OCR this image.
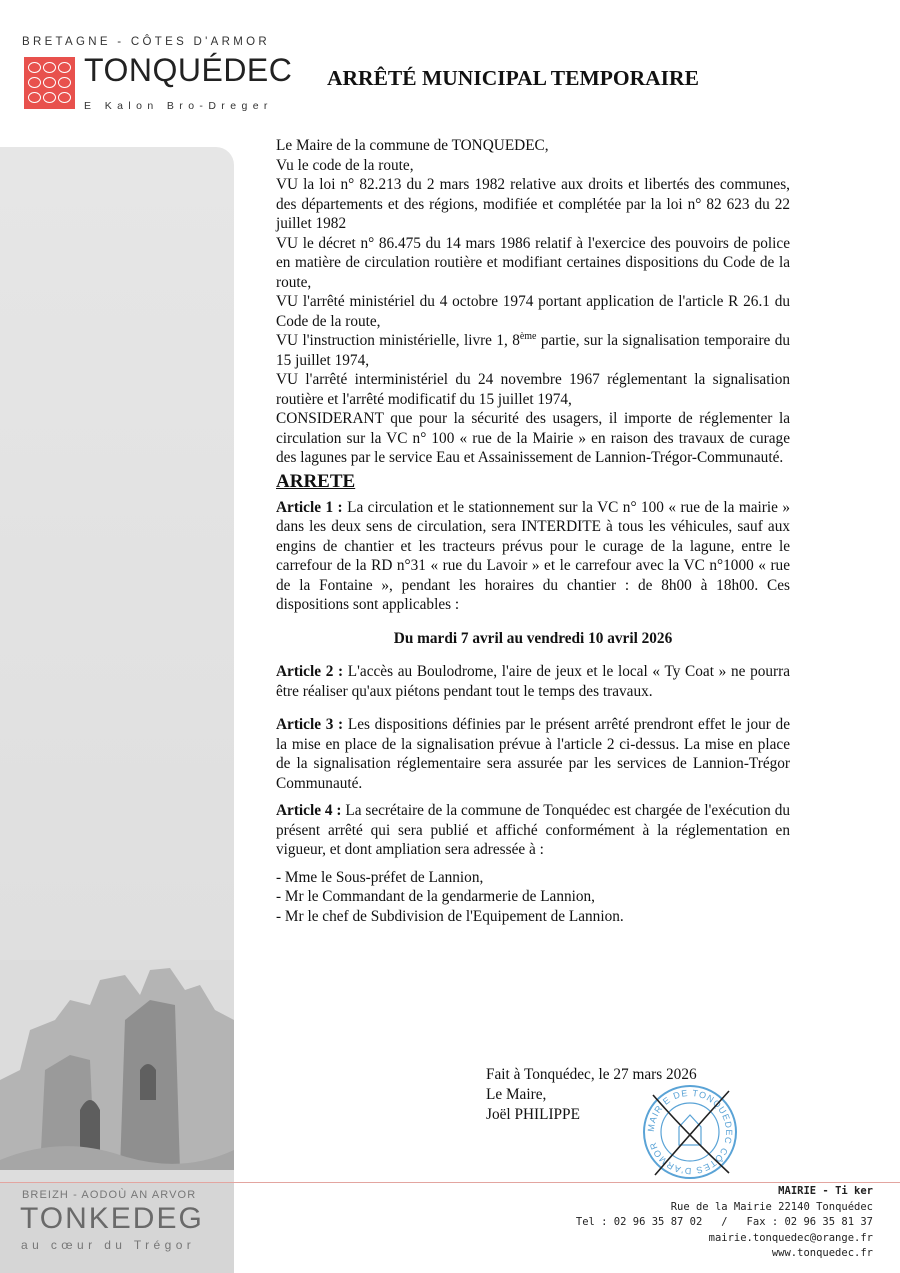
BRETAGNE - CÔTES D'ARMOR
TONQUÉDEC
E Kalon Bro-Dreger
ARRÊTÉ MUNICIPAL TEMPORAIRE

Le Maire de la commune de TONQUEDEC,

Vu le code de la route,

VU la loi n° 82.213 du 2 mars 1982 relative aux droits et libertés des communes, des départements et des régions, modifiée et complétée par la loi n° 82 623 du 22 juillet 1982

VU le décret n° 86.475 du 14 mars 1986 relatif à l'exercice des pouvoirs de police en matière de circulation routière et modifiant certaines dispositions du Code de la route,

VU l'arrêté ministériel du 4 octobre 1974 portant application de l'article R 26.1 du Code de la route,

VU l'instruction ministérielle, livre 1, 8ème partie, sur la signalisation temporaire du 15 juillet 1974,

VU l'arrêté interministériel du 24 novembre 1967 réglementant la signalisation routière et l'arrêté modificatif du 15 juillet 1974,

CONSIDERANT que pour la sécurité des usagers, il importe de réglementer la circulation sur la VC n° 100 « rue de la Mairie » en raison des travaux de curage des lagunes par le service Eau et Assainissement de Lannion-Trégor-Communauté.

ARRETE

Article 1 : La circulation et le stationnement sur la VC n° 100 « rue de la mairie » dans les deux sens de circulation, sera INTERDITE à tous les véhicules, sauf aux engins de chantier et les tracteurs prévus pour le curage de la lagune, entre le carrefour de la RD n°31 « rue du Lavoir » et le carrefour avec la VC n°1000 « rue de la Fontaine », pendant les horaires du chantier : de 8h00 à 18h00. Ces dispositions sont applicables :

Du mardi 7 avril au vendredi 10 avril 2026

Article 2 : L'accès au Boulodrome, l'aire de jeux et le local « Ty Coat » ne pourra être réaliser qu'aux piétons pendant tout le temps des travaux.

Article 3 : Les dispositions définies par le présent arrêté prendront effet le jour de la mise en place de la signalisation prévue à l'article 2 ci-dessus. La mise en place de la signalisation réglementaire sera assurée par les services de Lannion-Trégor Communauté.

Article 4 : La secrétaire de la commune de Tonquédec est chargée de l'exécution du présent arrêté qui sera publié et affiché conformément à la réglementation en vigueur, et dont ampliation sera adressée à :

- Mme le Sous-préfet de Lannion,

- Mr le Commandant de la gendarmerie de Lannion,

- Mr le chef de Subdivision de l'Equipement de Lannion.

Fait à Tonquédec, le 27 mars 2026
Le Maire,
Joël PHILIPPE
MAIRIE DE TONQUEDEC CÔTES D'ARMOR
BREIZH - AODOÙ AN ARVOR
TONKEDEG
au cœur du Trégor
MAIRIE - Ti ker
Rue de la Mairie 22140 Tonquédec
Tel : 02 96 35 87 02   /   Fax : 02 96 35 81 37
mairie.tonquedec@orange.fr
www.tonquedec.fr
